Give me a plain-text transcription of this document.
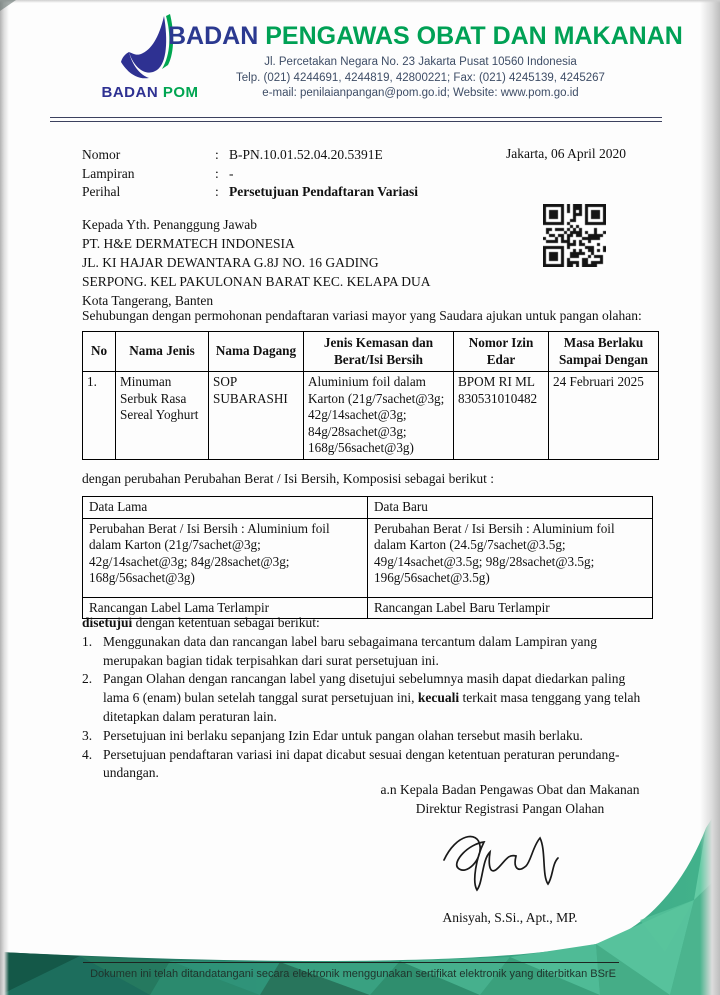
BADAN POM
BADAN PENGAWAS OBAT DAN MAKANAN
Jl. Percetakan Negara No. 23 Jakarta Pusat 10560 Indonesia
Telp. (021) 4244691, 4244819, 42800221; Fax: (021) 4245139, 4245267
e-mail: penilaianpangan@pom.go.id; Website: www.pom.go.id
Nomor	: B-PN.10.01.52.04.20.5391E
Lampiran	: -
Perihal	: Persetujuan Pendaftaran Variasi
Jakarta, 06 April 2020
Kepada Yth. Penanggung Jawab
PT. H&E DERMATECH INDONESIA
JL. KI HAJAR DEWANTARA G.8J NO. 16 GADING
SERPONG. KEL PAKULONAN BARAT KEC. KELAPA DUA
Kota Tangerang, Banten
Sehubungan dengan permohonan pendaftaran variasi mayor yang Saudara ajukan untuk pangan olahan:
No	Nama Jenis	Nama Dagang	Jenis Kemasan dan Berat/Isi Bersih	Nomor Izin Edar	Masa Berlaku Sampai Dengan
1.	Minuman Serbuk Rasa Sereal Yoghurt	SOP SUBARASHI	Aluminium foil dalam Karton (21g/7sachet@3g; 42g/14sachet@3g; 84g/28sachet@3g; 168g/56sachet@3g)	BPOM RI ML 830531010482	24 Februari 2025
dengan perubahan Perubahan Berat / Isi Bersih, Komposisi sebagai berikut :
Data Lama	Data Baru
Perubahan Berat / Isi Bersih : Aluminium foil dalam Karton (21g/7sachet@3g; 42g/14sachet@3g; 84g/28sachet@3g; 168g/56sachet@3g)	Perubahan Berat / Isi Bersih : Aluminium foil dalam Karton (24.5g/7sachet@3.5g; 49g/14sachet@3.5g; 98g/28sachet@3.5g; 196g/56sachet@3.5g)
Rancangan Label Lama Terlampir	Rancangan Label Baru Terlampir
disetujui dengan ketentuan sebagai berikut:
1. Menggunakan data dan rancangan label baru sebagaimana tercantum dalam Lampiran yang merupakan bagian tidak terpisahkan dari surat persetujuan ini.
2. Pangan Olahan dengan rancangan label yang disetujui sebelumnya masih dapat diedarkan paling lama 6 (enam) bulan setelah tanggal surat persetujuan ini, kecuali terkait masa tenggang yang telah ditetapkan dalam peraturan lain.
3. Persetujuan ini berlaku sepanjang Izin Edar untuk pangan olahan tersebut masih berlaku.
4. Persetujuan pendaftaran variasi ini dapat dicabut sesuai dengan ketentuan peraturan perundang-undangan.
a.n Kepala Badan Pengawas Obat dan Makanan
Direktur Registrasi Pangan Olahan
Anisyah, S.Si., Apt., MP.
Dokumen ini telah ditandatangani secara elektronik menggunakan sertifikat elektronik yang diterbitkan BSrE
